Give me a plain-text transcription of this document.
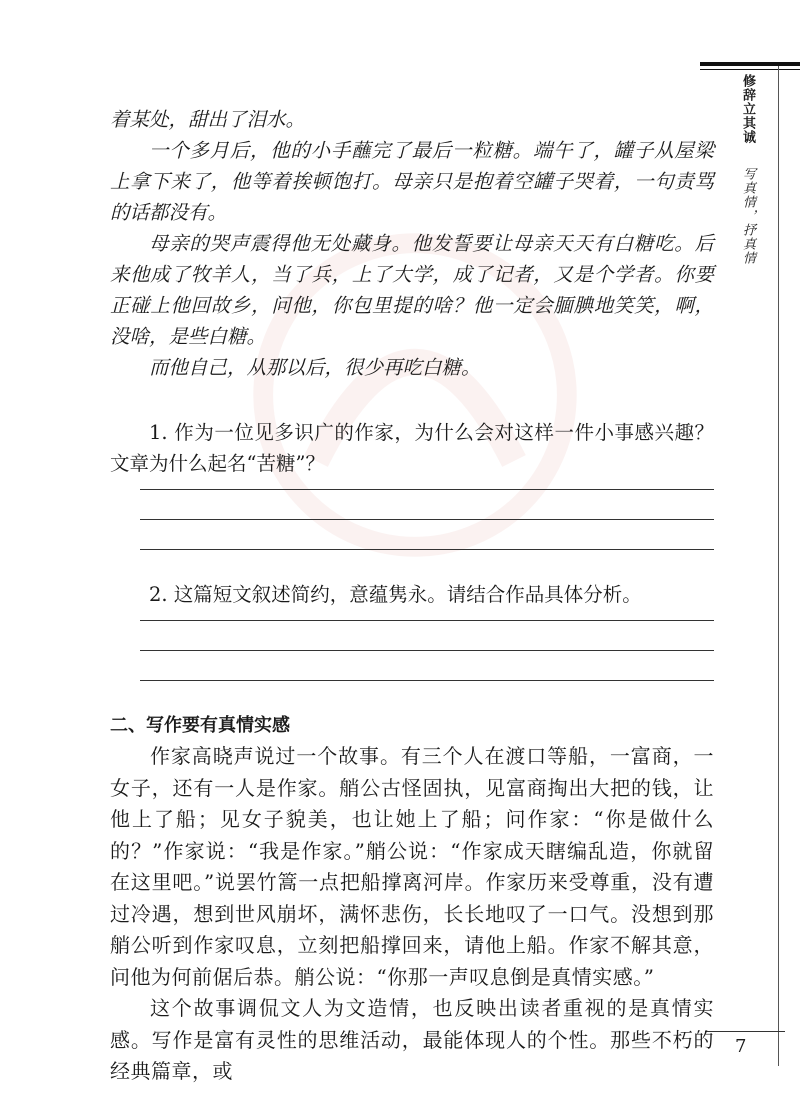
修辞立其诚 写真情，抒真情
7

着某处，甜出了泪水。

一个多月后，他的小手蘸完了最后一粒糖。端午了，罐子从屋梁上拿下来了，他等着挨顿饱打。母亲只是抱着空罐子哭着，一句责骂的话都没有。

母亲的哭声震得他无处藏身。他发誓要让母亲天天有白糖吃。后来他成了牧羊人，当了兵，上了大学，成了记者，又是个学者。你要正碰上他回故乡，问他，你包里提的啥？他一定会腼腆地笑笑，啊，没啥，是些白糖。

而他自己，从那以后，很少再吃白糖。

1. 作为一位见多识广的作家，为什么会对这样一件小事感兴趣？文章为什么起名“苦糖”？

2. 这篇短文叙述简约，意蕴隽永。请结合作品具体分析。

二、写作要有真情实感

作家高晓声说过一个故事。有三个人在渡口等船，一富商，一女子，还有一人是作家。艄公古怪固执，见富商掏出大把的钱，让他上了船；见女子貌美，也让她上了船；问作家：“你是做什么的？”作家说：“我是作家。”艄公说：“作家成天瞎编乱造，你就留在这里吧。”说罢竹篙一点把船撑离河岸。作家历来受尊重，没有遭过冷遇，想到世风崩坏，满怀悲伤，长长地叹了一口气。没想到那艄公听到作家叹息，立刻把船撑回来，请他上船。作家不解其意，问他为何前倨后恭。艄公说：“你那一声叹息倒是真情实感。”

这个故事调侃文人为文造情，也反映出读者重视的是真情实感。写作是富有灵性的思维活动，最能体现人的个性。那些不朽的经典篇章，或
